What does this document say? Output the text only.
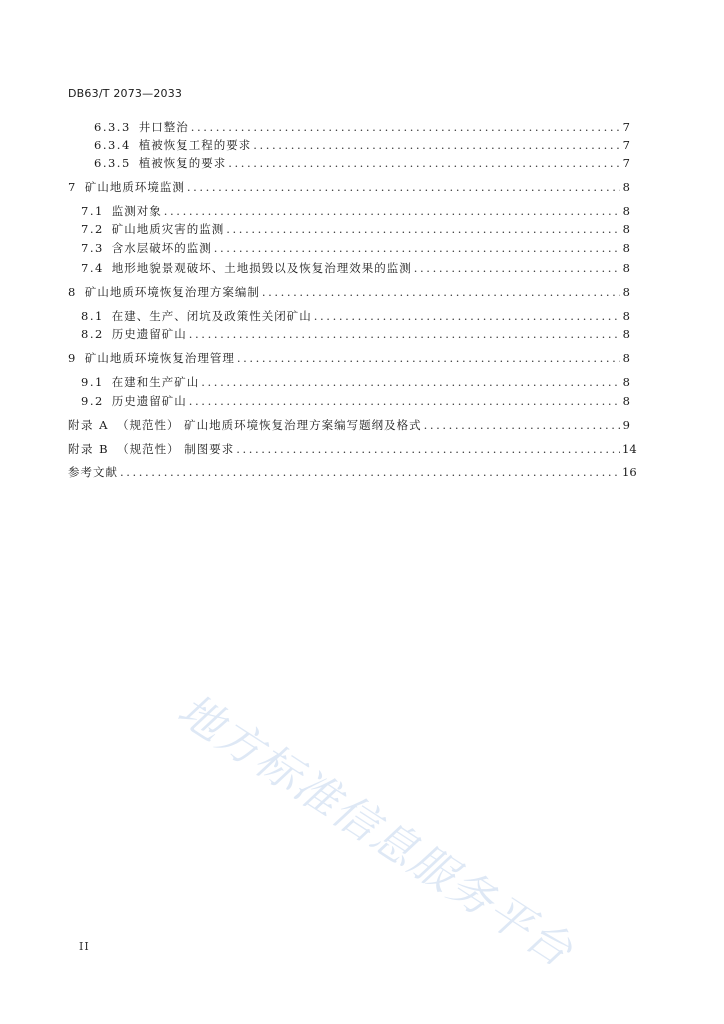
DB63/T 2073—2033
6.3.3 井口整治 .....	7
6.3.4 植被恢复工程的要求 .....	7
6.3.5 植被恢复的要求 .....	7
7 矿山地质环境监测 .....	8
7.1 监测对象 .....	8
7.2 矿山地质灾害的监测 .....	8
7.3 含水层破坏的监测 .....	8
7.4 地形地貌景观破坏、土地损毁以及恢复治理效果的监测 .....	8
8 矿山地质环境恢复治理方案编制 .....	8
8.1 在建、生产、闭坑及政策性关闭矿山 .....	8
8.2 历史遗留矿山 .....	8
9 矿山地质环境恢复治理管理 .....	8
9.1 在建和生产矿山 .....	8
9.2 历史遗留矿山 .....	8
附录 A （规范性） 矿山地质环境恢复治理方案编写题纲及格式 .....	9
附录 B （规范性） 制图要求 .....	14
参考文献 .....	16
地方标准信息服务平台
II
